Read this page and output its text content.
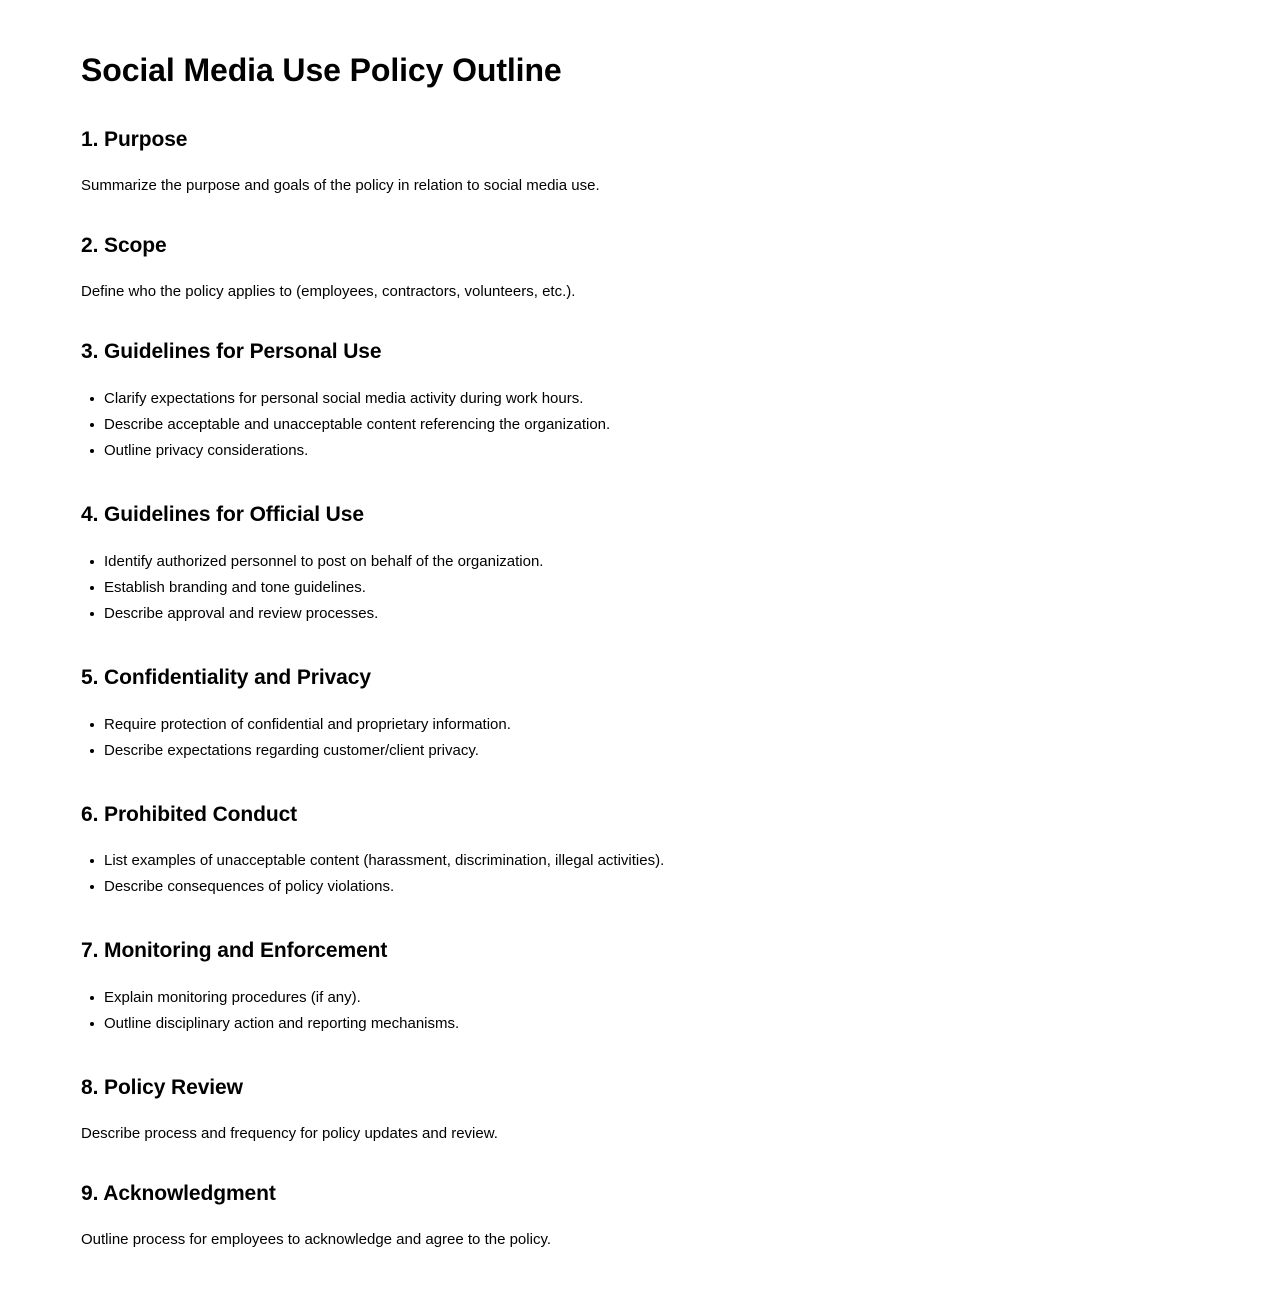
Social Media Use Policy Outline
1. Purpose

Summarize the purpose and goals of the policy in relation to social media use.

2. Scope

Define who the policy applies to (employees, contractors, volunteers, etc.).

3. Guidelines for Personal Use
Clarify expectations for personal social media activity during work hours.
Describe acceptable and unacceptable content referencing the organization.
Outline privacy considerations.
4. Guidelines for Official Use
Identify authorized personnel to post on behalf of the organization.
Establish branding and tone guidelines.
Describe approval and review processes.
5. Confidentiality and Privacy
Require protection of confidential and proprietary information.
Describe expectations regarding customer/client privacy.
6. Prohibited Conduct
List examples of unacceptable content (harassment, discrimination, illegal activities).
Describe consequences of policy violations.
7. Monitoring and Enforcement
Explain monitoring procedures (if any).
Outline disciplinary action and reporting mechanisms.
8. Policy Review

Describe process and frequency for policy updates and review.

9. Acknowledgment

Outline process for employees to acknowledge and agree to the policy.
